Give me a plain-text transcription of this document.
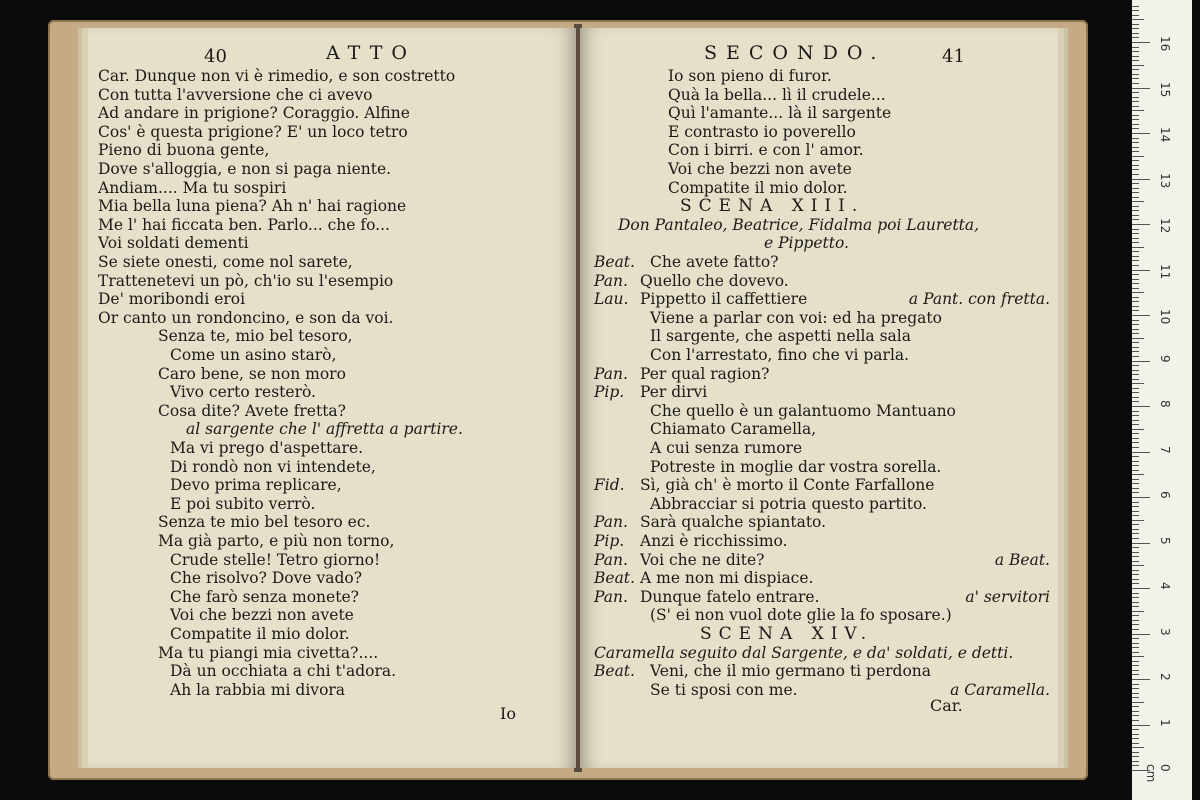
40	ATTO
Car. Dunque non vi è rimedio, e son costretto
Con tutta l'avversione che ci avevo
Ad andare in prigione? Coraggio. Alfine
Cos' è questa prigione? E' un loco tetro
Pieno di buona gente,
Dove s'alloggia, e non si paga niente.
Andiam.... Ma tu sospiri
Mia bella luna piena? Ah n' hai ragione
Me l' hai ficcata ben. Parlo... che fo...
Voi soldati dementi
Se siete onesti, come nol sarete,
Trattenetevi un pò, ch'io su l'esempio
De' moribondi eroi
Or canto un rondoncino, e son da voi.
Senza te, mio bel tesoro,
Come un asino starò,
Caro bene, se non moro
Vivo certo resterò.
Cosa dite? Avete fretta?
al sargente che l' affretta a partire.
Ma vi prego d'aspettare.
Di rondò non vi intendete,
Devo prima replicare,
E poi subito verrò.
Senza te mio bel tesoro ec.
Ma già parto, e più non torno,
Crude stelle! Tetro giorno!
Che risolvo? Dove vado?
Che farò senza monete?
Voi che bezzi non avete
Compatite il mio dolor.
Ma tu piangi mia civetta?....
Dà un occhiata a chi t'adora.
Ah la rabbia mi divora
Io
SECONDO.	41
Io son pieno di furor.
Quà la bella... lì il crudele...
Quì l'amante... là il sargente
E contrasto io poverello
Con i birri. e con l' amor.
Voi che bezzi non avete
Compatite il mio dolor.
SCENA XIII.
Don Pantaleo, Beatrice, Fidalma poi Lauretta,
e Pippetto.
Beat. Che avete fatto?
Pan. Quello che dovevo.
Lau. Pippetto il caffettiere	a Pant. con fretta.
Viene a parlar con voi: ed ha pregato
Il sargente, che aspetti nella sala
Con l'arrestato, fino che vi parla.
Pan. Per qual ragion?
Pip. Per dirvi
Che quello è un galantuomo Mantuano
Chiamato Caramella,
A cui senza rumore
Potreste in moglie dar vostra sorella.
Fid. Sì, già ch' è morto il Conte Farfallone
Abbracciar si potria questo partito.
Pan. Sarà qualche spiantato.
Pip. Anzi è ricchissimo.
Pan. Voi che ne dite?	a Beat.
Beat. A me non mi dispiace.
Pan. Dunque fatelo entrare.	a' servitori
(S' ei non vuol dote glie la fo sposare.)
SCENA XIV.
Caramella seguito dal Sargente, e da' soldati, e detti.
Beat. Veni, che il mio germano ti perdona
Se ti sposi con me.	a Caramella.
Car.
0 cm
1
2
3
4
5
6
7
8
9
10
11
12
13
14
15
16
